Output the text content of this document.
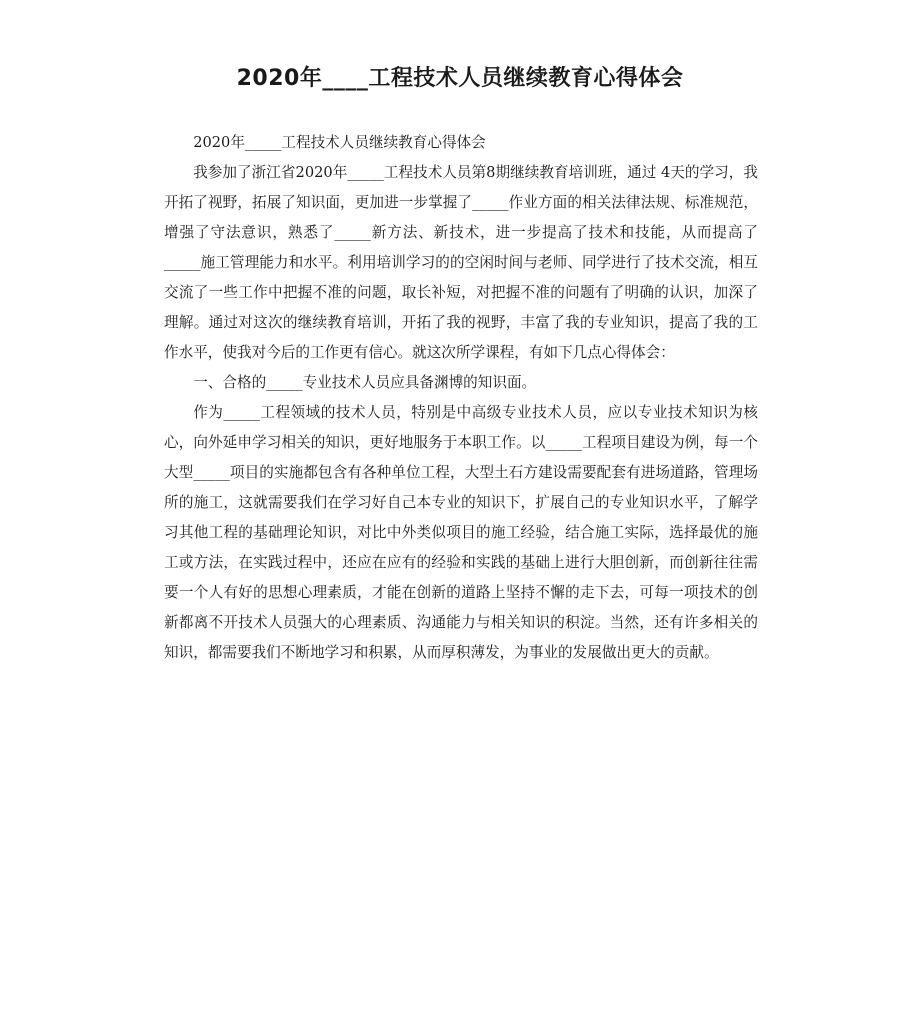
2020年____工程技术人员继续教育心得体会

2020年_____工程技术人员继续教育心得体会

我参加了浙江省2020年_____工程技术人员第8期继续教育培训班，通过 4天的学习，我开拓了视野，拓展了知识面，更加进一步掌握了_____作业方面的相关法律法规、标准规范，增强了守法意识，熟悉了_____新方法、新技术，进一步提高了技术和技能，从而提高了_____施工管理能力和水平。利用培训学习的的空闲时间与老师、同学进行了技术交流，相互交流了一些工作中把握不准的问题，取长补短，对把握不准的问题有了明确的认识，加深了理解。通过对这次的继续教育培训，开拓了我的视野，丰富了我的专业知识，提高了我的工作水平，使我对今后的工作更有信心。就这次所学课程，有如下几点心得体会：

一、合格的_____专业技术人员应具备渊博的知识面。

作为_____工程领域的技术人员，特别是中高级专业技术人员，应以专业技术知识为核心，向外延申学习相关的知识，更好地服务于本职工作。以_____工程项目建设为例，每一个大型_____项目的实施都包含有各种单位工程，大型土石方建设需要配套有进场道路，管理场所的施工，这就需要我们在学习好自己本专业的知识下，扩展自己的专业知识水平，了解学习其他工程的基础理论知识，对比中外类似项目的施工经验，结合施工实际，选择最优的施工或方法，在实践过程中，还应在应有的经验和实践的基础上进行大胆创新，而创新往往需要一个人有好的思想心理素质，才能在创新的道路上坚持不懈的走下去，可每一项技术的创新都离不开技术人员强大的心理素质、沟通能力与相关知识的积淀。当然，还有许多相关的知识，都需要我们不断地学习和积累，从而厚积薄发，为事业的发展做出更大的贡献。
